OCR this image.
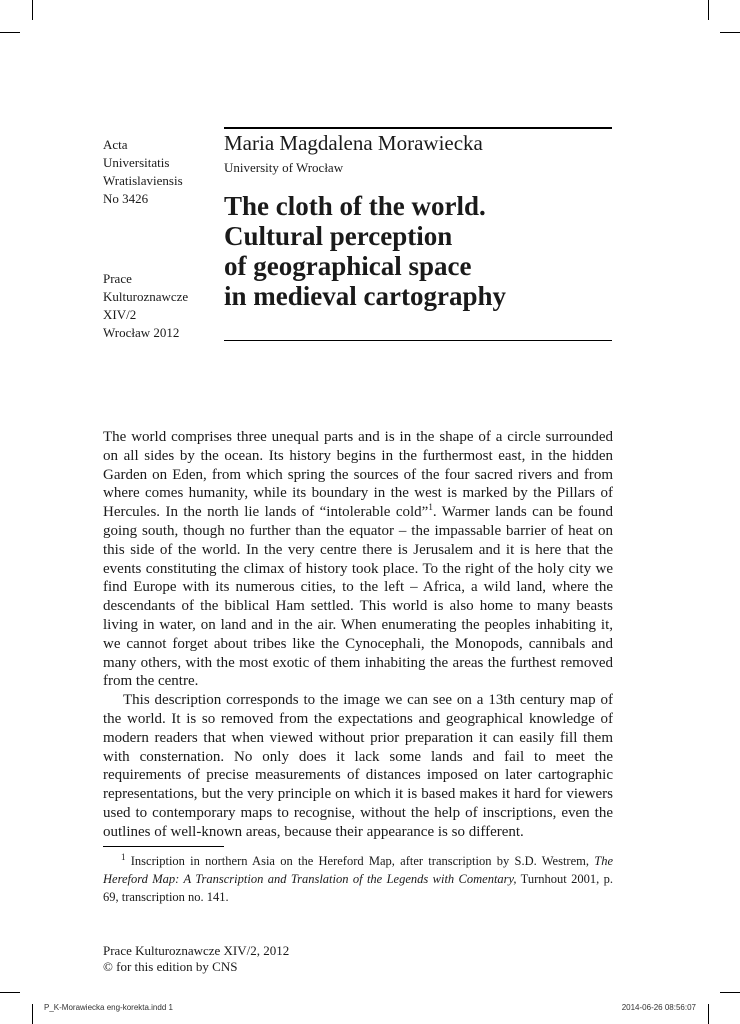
Acta
Universitatis
Wratislaviensis
No 3426
Prace
Kulturoznawcze
XIV/2
Wrocław 2012
Maria Magdalena Morawiecka
University of Wrocław
The cloth of the world.
Cultural perception
of geographical space
in medieval cartography

The world comprises three unequal parts and is in the shape of a circle surrounded on all sides by the ocean. Its history begins in the furthermost east, in the hidden Garden on Eden, from which spring the sources of the four sacred rivers and from where comes humanity, while its boundary in the west is marked by the Pillars of Hercules. In the north lie lands of “intolerable cold”$^1$. Warmer lands can be found going south, though no further than the equator – the impassable barrier of heat on this side of the world. In the very centre there is Jerusalem and it is here that the events constituting the climax of history took place. To the right of the holy city we find Europe with its numerous cities, to the left – Africa, a wild land, where the descendants of the biblical Ham settled. This world is also home to many beasts living in water, on land and in the air. When enumerating the peoples inhabiting it, we cannot forget about tribes like the Cynocephali, the Monopods, cannibals and many others, with the most exotic of them inhabiting the areas the furthest removed from the centre.

This description corresponds to the image we can see on a 13th century map of the world. It is so removed from the expectations and geographical knowledge of modern readers that when viewed without prior preparation it can easily fill them with consternation. No only does it lack some lands and fail to meet the requirements of precise measurements of distances imposed on later cartographic representations, but the very principle on which it is based makes it hard for viewers used to contemporary maps to recognise, without the help of inscriptions, even the outlines of well-known areas, because their appearance is so different.

$^1$ Inscription in northern Asia on the Hereford Map, after transcription by S.D. Westrem, The Hereford Map: A Transcription and Translation of the Legends with Comentary, Turnhout 2001, p. 69, transcription no. 141.
Prace Kulturoznawcze XIV/2, 2012
© for this edition by CNS
P_K-Morawiecka eng-korekta.indd 1	2014-06-26 08:56:07
